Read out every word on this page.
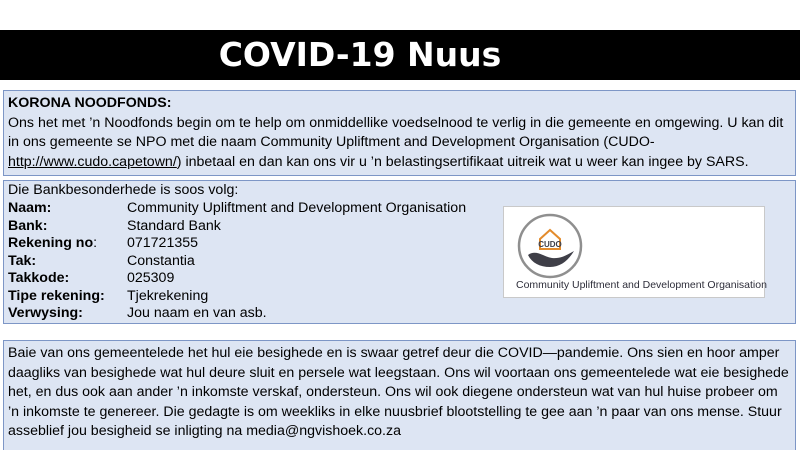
COVID-19 Nuus
KORONA NOODFONDS:
Ons het met ’n Noodfonds begin om te help om onmiddellike voedselnood te verlig in die gemeente en omgewing. U kan dit in ons gemeente se NPO met die naam Community Upliftment and Development Organisation (CUDO-http://www.cudo.capetown/) inbetaal en dan kan ons vir u ’n belastingsertifikaat uitreik wat u weer kan ingee by SARS.
Die Bankbesonderhede is soos volg:
Naam:	Community Upliftment and Development Organisation
Bank:	Standard Bank
Rekening no:	071721355
Tak:	Constantia
Takkode:	025309
Tipe rekening:	Tjekrekening
Verwysing:	Jou naam en van asb.
CUDO
Community Upliftment and Development Organisation
Baie van ons gemeentelede het hul eie besighede en is swaar getref deur die COVID—pandemie. Ons sien en hoor amper daagliks van besighede wat hul deure sluit en persele wat leegstaan. Ons wil voortaan ons gemeentelede wat eie besighede het, en dus ook aan ander ’n inkomste verskaf, ondersteun. Ons wil ook diegene ondersteun wat van hul huise probeer om ’n inkomste te genereer. Die gedagte is om weekliks in elke nuusbrief blootstelling te gee aan ’n paar van ons mense. Stuur asseblief jou besigheid se inligting na media@ngvishoek.co.za
